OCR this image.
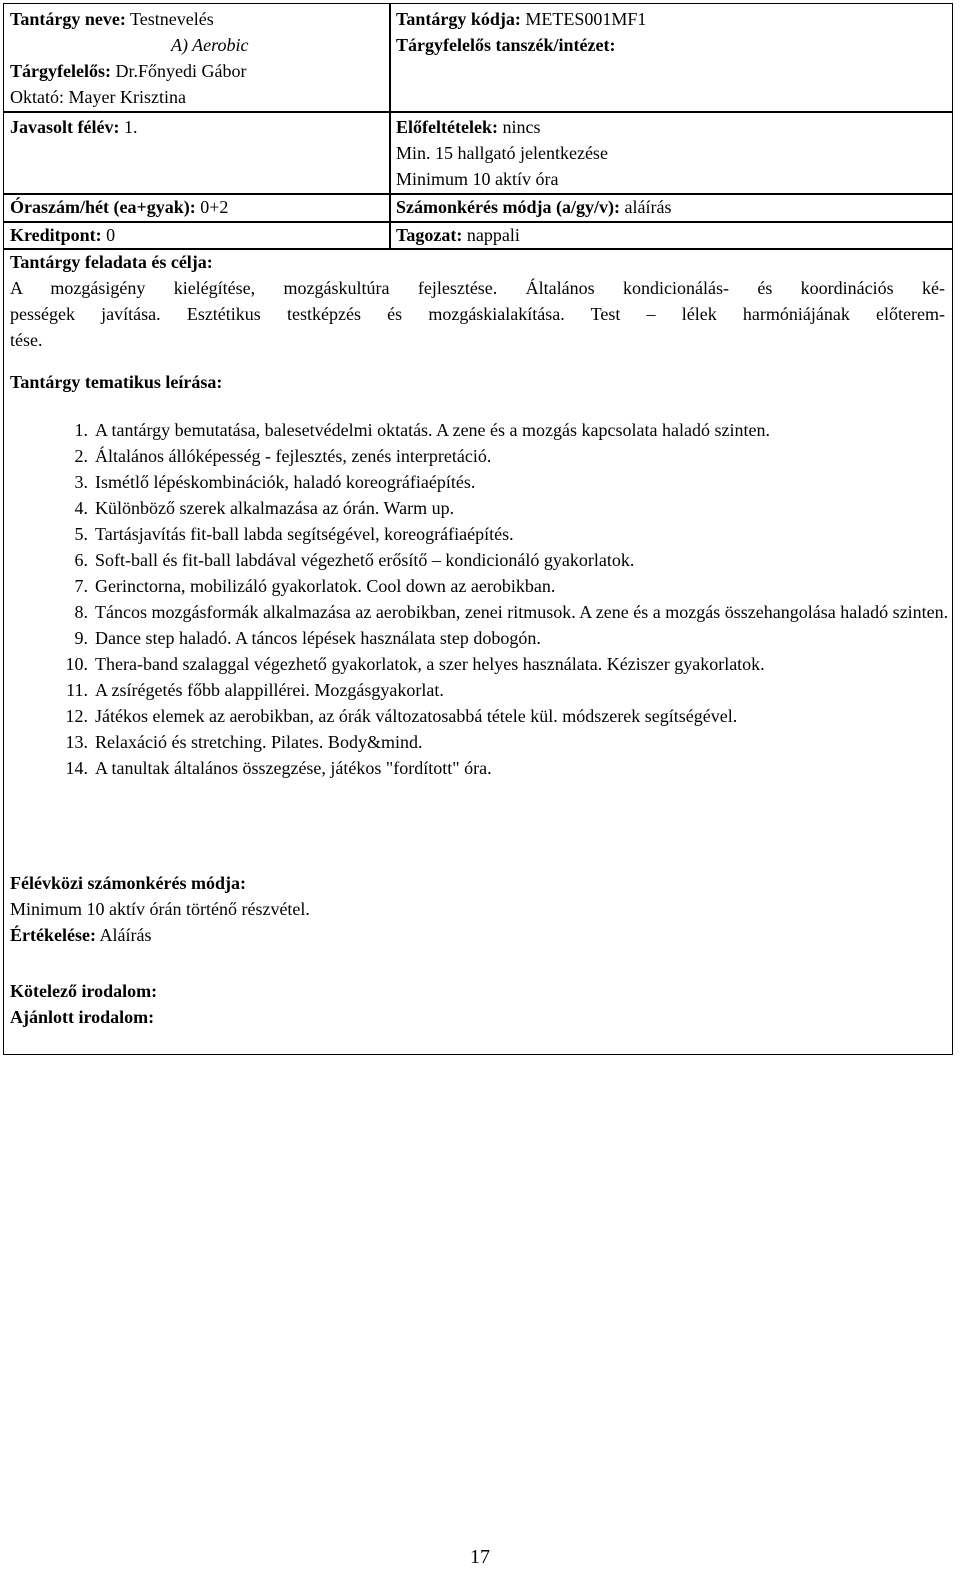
Tantárgy neve: Testnevelés
A) Aerobic
Tárgyfelelős: Dr.Főnyedi Gábor
Oktató: Mayer Krisztina
Javasolt félév: 1.
Óraszám/hét (ea+gyak): 0+2
Kreditpont: 0
Tantárgy kódja: METES001MF1
Tárgyfelelős tanszék/intézet:
Előfeltételek: nincs
Min. 15 hallgató jelentkezése
Minimum 10 aktív óra
Számonkérés módja (a/gy/v): aláírás
Tagozat: nappali
Tantárgy feladata és célja:
A mozgásigény kielégítése, mozgáskultúra fejlesztése. Általános kondicionálás- és koordinációs ké-
pességek javítása. Esztétikus testképzés és mozgáskialakítása. Test – lélek harmóniájának előterem-
tése.
Tantárgy tematikus leírása:
1. A tantárgy bemutatása, balesetvédelmi oktatás. A zene és a mozgás kapcsolata haladó szinten.
2. Általános állóképesség - fejlesztés, zenés interpretáció.
3. Ismétlő lépéskombinációk, haladó koreográfiaépítés.
4. Különböző szerek alkalmazása az órán. Warm up.
5. Tartásjavítás fit-ball labda segítségével, koreográfiaépítés.
6. Soft-ball és fit-ball labdával végezhető erősítő – kondicionáló gyakorlatok.
7. Gerinctorna, mobilizáló gyakorlatok. Cool down az aerobikban.
8. Táncos mozgásformák alkalmazása az aerobikban, zenei ritmusok. A zene és a mozgás összehangolása haladó szinten.
9. Dance step haladó. A táncos lépések használata step dobogón.
10. Thera-band szalaggal végezhető gyakorlatok, a szer helyes használata. Kéziszer gyakorlatok.
11. A zsírégetés főbb alappillérei. Mozgásgyakorlat.
12. Játékos elemek az aerobikban, az órák változatosabbá tétele kül. módszerek segítségével.
13. Relaxáció és stretching. Pilates. Body&mind.
14. A tanultak általános összegzése, játékos "fordított" óra.
Félévközi számonkérés módja:
Minimum 10 aktív órán történő részvétel.
Értékelése: Aláírás
Kötelező irodalom:
Ajánlott irodalom:
17
